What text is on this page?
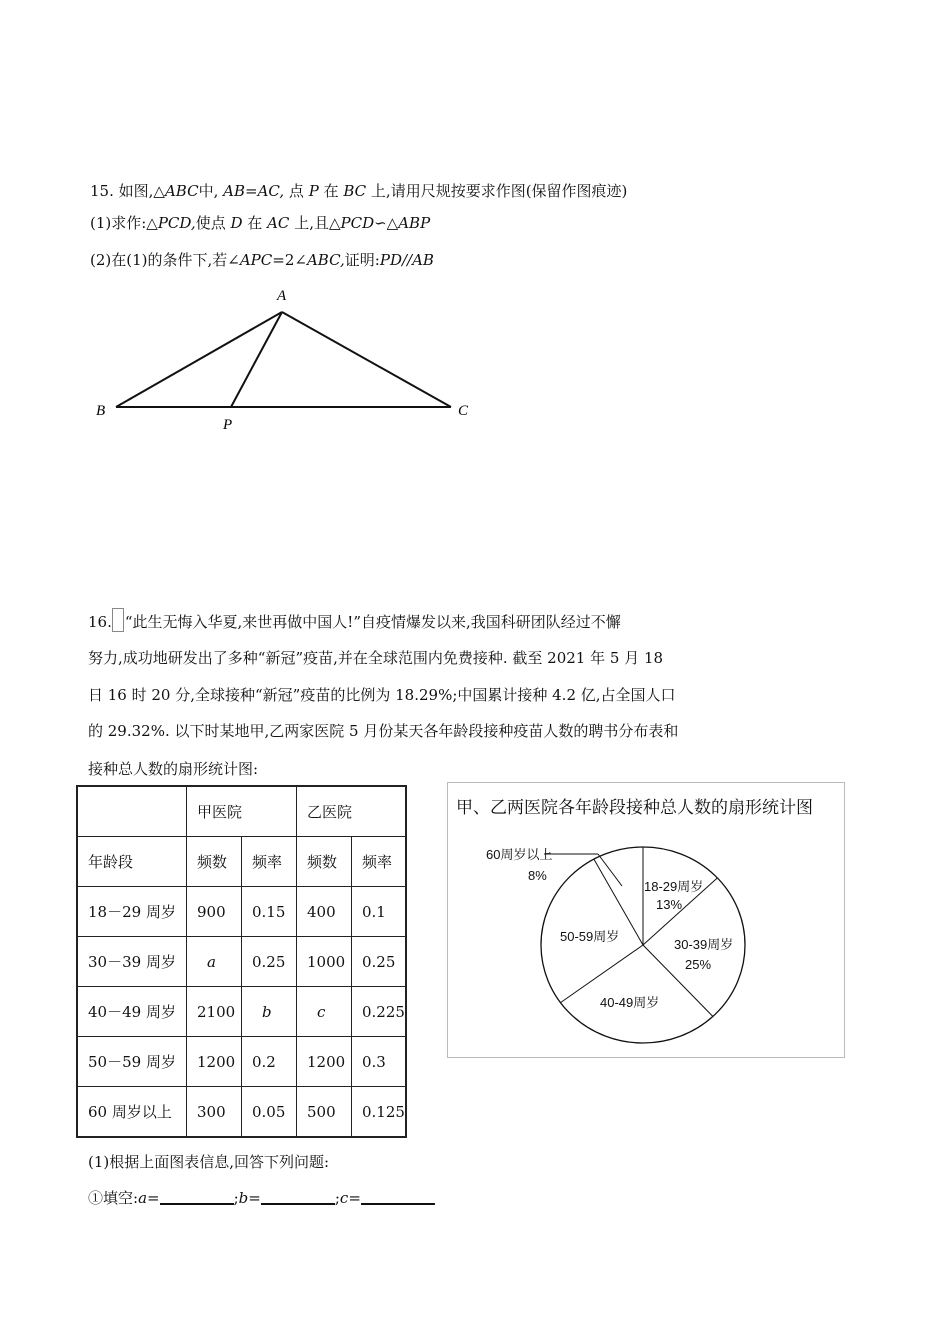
15. 如图,△ABC中, AB=AC, 点 P 在 BC 上,请用尺规按要求作图(保留作图痕迹)
(1)求作:△PCD,使点 D 在 AC 上,且△PCD∽△ABP
(2)在(1)的条件下,若∠APC=2∠ABC,证明:PD//AB
A
B	C
P
16. “此生无悔入华夏,来世再做中国人!”自疫情爆发以来,我国科研团队经过不懈
努力,成功地研发出了多种“新冠”疫苗,并在全球范围内免费接种. 截至 2021 年 5 月 18
日 16 时 20 分,全球接种“新冠”疫苗的比例为 18.29%;中国累计接种 4.2 亿,占全国人口
的 29.32%. 以下时某地甲,乙两家医院 5 月份某天各年龄段接种疫苗人数的聘书分布表和
接种总人数的扇形统计图:
	甲医院		乙医院	
年龄段	频数	频率	频数	频率
18－29 周岁	900	0.15	400	0.1
30－39 周岁	a	0.25	1000	0.25
40－49 周岁	2100	b	c	0.225
50－59 周岁	1200	0.2	1200	0.3
60 周岁以上	300	0.05	500	0.125
甲、乙两医院各年龄段接种总人数的扇形统计图
60周岁以上
8%
18-29周岁
13%
30-39周岁
25%
50-59周岁
40-49周岁
(1)根据上面图表信息,回答下列问题:
①填空:a=	;b=	;c=
